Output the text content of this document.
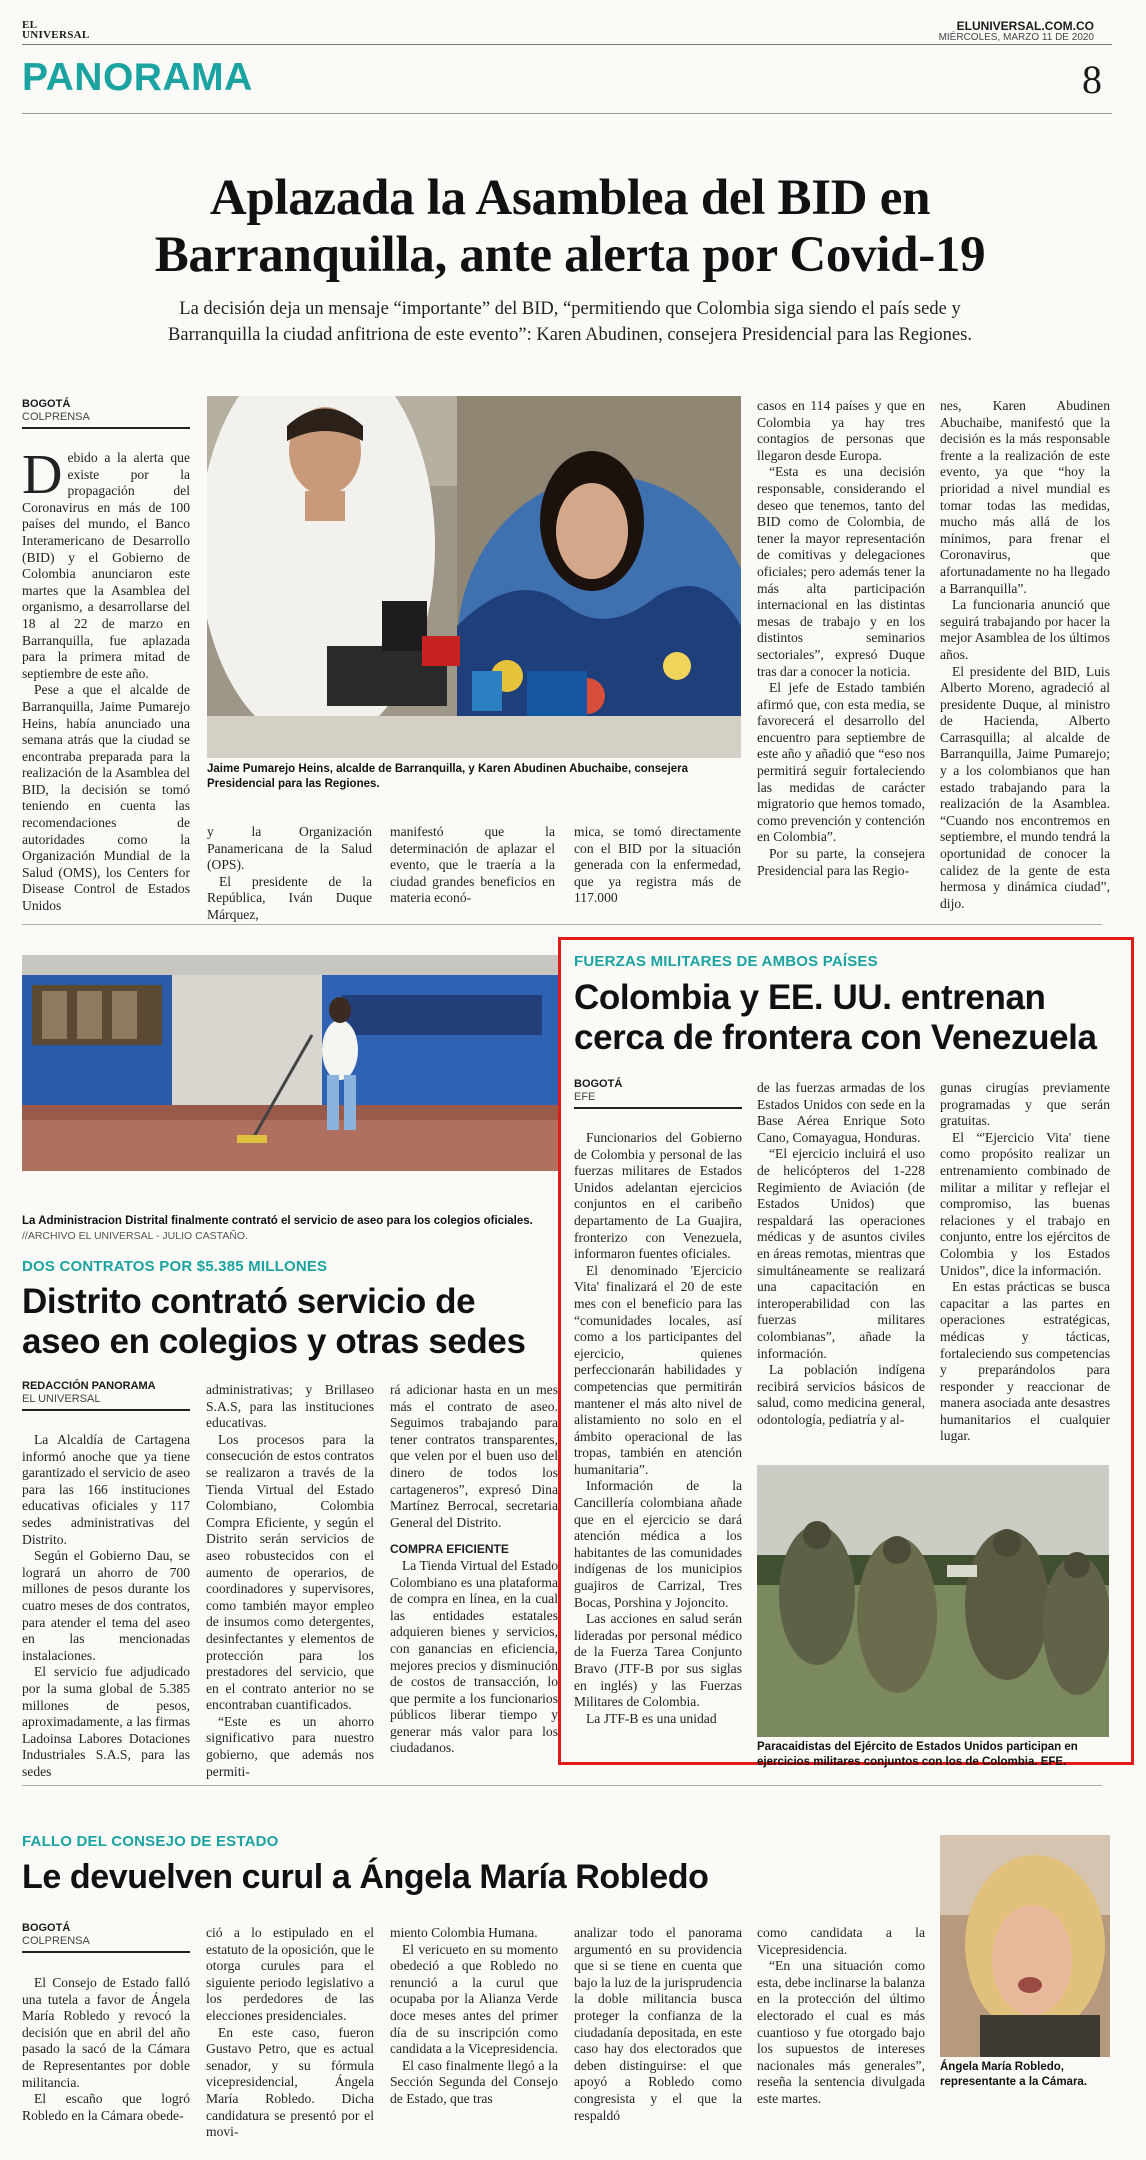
EL
UNIVERSAL
ELUNIVERSAL.COM.CO
MIÉRCOLES, MARZO 11 DE 2020
PANORAMA	8
Aplazada la Asamblea del BID en
Barranquilla, ante alerta por Covid-19
La decisión deja un mensaje “importante” del BID, “permitiendo que Colombia siga siendo el país sede y
Barranquilla la ciudad anfitriona de este evento”: Karen Abudinen, consejera Presidencial para las Regiones.
BOGOTÁ
COLPRENSA

Debido a la alerta que existe por la propagación del Coronavirus en más de 100 países del mundo, el Banco Interamericano de Desarrollo (BID) y el Gobierno de Colombia anunciaron este martes que la Asamblea del organismo, a desarrollarse del 18 al 22 de marzo en Barranquilla, fue aplazada para la primera mitad de septiembre de este año.

Pese a que el alcalde de Barranquilla, Jaime Pumarejo Heins, había anunciado una semana atrás que la ciudad se encontraba preparada para la realización de la Asamblea del BID, la decisión se tomó teniendo en cuenta las recomendaciones de autoridades como la Organización Mundial de la Salud (OMS), los Centers for Disease Control de Estados Unidos

Jaime Pumarejo Heins, alcalde de Barranquilla, y Karen Abudinen Abuchaibe, consejera Presidencial para las Regiones.

y la Organización Panamericana de la Salud (OPS).

El presidente de la República, Iván Duque Márquez,

manifestó que la determinación de aplazar el evento, que le traería a la ciudad grandes beneficios en materia econó-

mica, se tomó directamente con el BID por la situación generada con la enfermedad, que ya registra más de 117.000

casos en 114 países y que en Colombia ya hay tres contagios de personas que llegaron desde Europa.

“Esta es una decisión responsable, considerando el deseo que tenemos, tanto del BID como de Colombia, de tener la mayor representación de comitivas y delegaciones oficiales; pero además tener la más alta participación internacional en las distintas mesas de trabajo y en los distintos seminarios sectoriales”, expresó Duque tras dar a conocer la noticia.

El jefe de Estado también afirmó que, con esta media, se favorecerá el desarrollo del encuentro para septiembre de este año y añadió que “eso nos permitirá seguir fortaleciendo las medidas de carácter migratorio que hemos tomado, como prevención y contención en Colombia”.

Por su parte, la consejera Presidencial para las Regio-

nes, Karen Abudinen Abuchaibe, manifestó que la decisión es la más responsable frente a la realización de este evento, ya que “hoy la prioridad a nivel mundial es tomar todas las medidas, mucho más allá de los mínimos, para frenar el Coronavirus, que afortunadamente no ha llegado a Barranquilla”.

La funcionaria anunció que seguirá trabajando por hacer la mejor Asamblea de los últimos años.

El presidente del BID, Luis Alberto Moreno, agradeció al presidente Duque, al ministro de Hacienda, Alberto Carrasquilla; al alcalde de Barranquilla, Jaime Pumarejo; y a los colombianos que han estado trabajando para la realización de la Asamblea. “Cuando nos encontremos en septiembre, el mundo tendrá la oportunidad de conocer la calidez de la gente de esta hermosa y dinámica ciudad”, dijo.

La Administracion Distrital finalmente contrató el servicio de aseo para los colegios oficiales.
//ARCHIVO EL UNIVERSAL - JULIO CASTAÑO.
DOS CONTRATOS POR $5.385 MILLONES
Distrito contrató servicio de
aseo en colegios y otras sedes
REDACCIÓN PANORAMA
EL UNIVERSAL

La Alcaldía de Cartagena informó anoche que ya tiene garantizado el servicio de aseo para las 166 instituciones educativas oficiales y 117 sedes administrativas del Distrito.

Según el Gobierno Dau, se logrará un ahorro de 700 millones de pesos durante los cuatro meses de dos contratos, para atender el tema del aseo en las mencionadas instalaciones.

El servicio fue adjudicado por la suma global de 5.385 millones de pesos, aproximadamente, a las firmas Ladoinsa Labores Dotaciones Industriales S.A.S, para las sedes

administrativas; y Brillaseo S.A.S, para las instituciones educativas.

Los procesos para la consecución de estos contratos se realizaron a través de la Tienda Virtual del Estado Colombiano, Colombia Compra Eficiente, y según el Distrito serán servicios de aseo robustecidos con el aumento de operarios, de coordinadores y supervisores, como también mayor empleo de insumos como detergentes, desinfectantes y elementos de protección para los prestadores del servicio, que en el contrato anterior no se encontraban cuantificados.

“Este es un ahorro significativo para nuestro gobierno, que además nos permiti-

rá adicionar hasta en un mes más el contrato de aseo. Seguimos trabajando para tener contratos transparentes, que velen por el buen uso del dinero de todos los cartageneros”, expresó Dina Martínez Berrocal, secretaria General del Distrito.

COMPRA EFICIENTE

La Tienda Virtual del Estado Colombiano es una plataforma de compra en línea, en la cual las entidades estatales adquieren bienes y servicios, con ganancias en eficiencia, mejores precios y disminución de costos de transacción, lo que permite a los funcionarios públicos liberar tiempo y generar más valor para los ciudadanos.

FUERZAS MILITARES DE AMBOS PAÍSES
Colombia y EE. UU. entrenan
cerca de frontera con Venezuela
BOGOTÁ
EFE

Funcionarios del Gobierno de Colombia y personal de las fuerzas militares de Estados Unidos adelantan ejercicios conjuntos en el caribeño departamento de La Guajira, fronterizo con Venezuela, informaron fuentes oficiales.

El denominado 'Ejercicio Vita' finalizará el 20 de este mes con el beneficio para las “comunidades locales, así como a los participantes del ejercicio, quienes perfeccionarán habilidades y competencias que permitirán mantener el más alto nivel de alistamiento no solo en el ámbito operacional de las tropas, también en atención humanitaria”.

Información de la Cancillería colombiana añade que en el ejercicio se dará atención médica a los habitantes de las comunidades indígenas de los municipios guajiros de Carrizal, Tres Bocas, Porshina y Jojoncito.

Las acciones en salud serán lideradas por personal médico de la Fuerza Tarea Conjunto Bravo (JTF-B por sus siglas en inglés) y las Fuerzas Militares de Colombia.

La JTF-B es una unidad

de las fuerzas armadas de los Estados Unidos con sede en la Base Aérea Enrique Soto Cano, Comayagua, Honduras.

“El ejercicio incluirá el uso de helicópteros del 1-228 Regimiento de Aviación (de Estados Unidos) que respaldará las operaciones médicas y de asuntos civiles en áreas remotas, mientras que simultáneamente se realizará una capacitación en interoperabilidad con las fuerzas militares colombianas”, añade la información.

La población indígena recibirá servicios básicos de salud, como medicina general, odontología, pediatría y al-

gunas cirugías previamente programadas y que serán gratuitas.

El “'Ejercicio Vita' tiene como propósito realizar un entrenamiento combinado de militar a militar y reflejar el compromiso, las buenas relaciones y el trabajo en conjunto, entre los ejércitos de Colombia y los Estados Unidos”, dice la información.

En estas prácticas se busca capacitar a las partes en operaciones estratégicas, médicas y tácticas, fortaleciendo sus competencias y preparándolos para responder y reaccionar de manera asociada ante desastres humanitarios el cualquier lugar.

Paracaidistas del Ejército de Estados Unidos participan en ejercicios militares conjuntos con los de Colombia. EFE.
FALLO DEL CONSEJO DE ESTADO
Le devuelven curul a Ángela María Robledo
BOGOTÁ
COLPRENSA

El Consejo de Estado falló una tutela a favor de Ángela María Robledo y revocó la decisión que en abril del año pasado la sacó de la Cámara de Representantes por doble militancia.

El escaño que logró Robledo en la Cámara obede-

ció a lo estipulado en el estatuto de la oposición, que le otorga curules para el siguiente periodo legislativo a los perdedores de las elecciones presidenciales.

En este caso, fueron Gustavo Petro, que es actual senador, y su fórmula vicepresidencial, Ángela María Robledo. Dicha candidatura se presentó por el movi-

miento Colombia Humana.

El vericueto en su momento obedeció a que Robledo no renunció a la curul que ocupaba por la Alianza Verde doce meses antes del primer día de su inscripción como candidata a la Vicepresidencia.

El caso finalmente llegó a la Sección Segunda del Consejo de Estado, que tras

analizar todo el panorama argumentó en su providencia que si se tiene en cuenta que bajo la luz de la jurisprudencia la doble militancia busca proteger la confianza de la ciudadanía depositada, en este caso hay dos electorados que deben distinguirse: el que apoyó a Robledo como congresista y el que la respaldó

como candidata a la Vicepresidencia.

“En una situación como esta, debe inclinarse la balanza en la protección del último electorado el cual es más cuantioso y fue otorgado bajo los supuestos de intereses nacionales más generales”, reseña la sentencia divulgada este martes.

Ángela María Robledo, representante a la Cámara.
